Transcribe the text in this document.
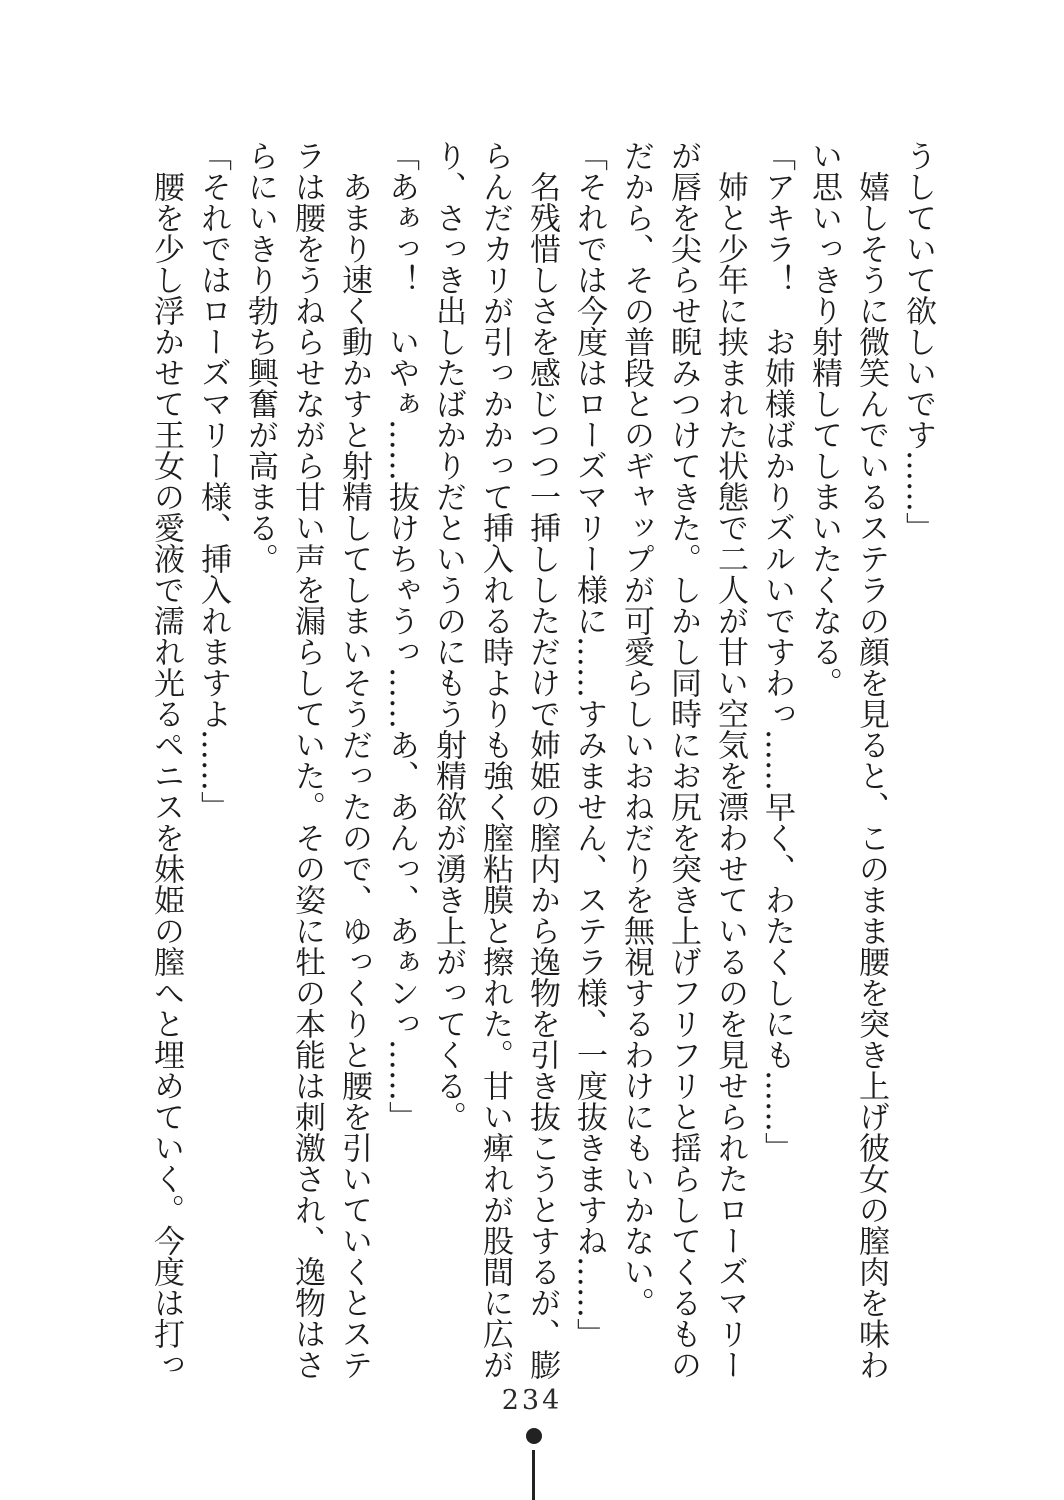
うしていて欲しいです……」

嬉しそうに微笑んでいるステラの顔を見ると、このまま腰を突き上げ彼女の膣肉を味わい思いっきり射精してしまいたくなる。

「アキラ！　お姉様ばかりズルいですわっ……早く、わたくしにも……」

姉と少年に挟まれた状態で二人が甘い空気を漂わせているのを見せられたローズマリーが唇を尖らせ睨みつけてきた。しかし同時にお尻を突き上げフリフリと揺らしてくるものだから、その普段とのギャップが可愛らしいおねだりを無視するわけにもいかない。

「それでは今度はローズマリー様に……すみません、ステラ様、一度抜きますね……」

名残惜しさを感じつつ一挿ししただけで姉姫の膣内から逸物を引き抜こうとするが、膨らんだカリが引っかかって挿入れる時よりも強く膣粘膜と擦れた。甘い痺れが股間に広がり、さっき出したばかりだというのにもう射精欲が湧き上がってくる。

「あぁっ！　いやぁ……抜けちゃうっ……あ、あんっ、あぁンっ……」

あまり速く動かすと射精してしまいそうだったので、ゆっくりと腰を引いていくとステラは腰をうねらせながら甘い声を漏らしていた。その姿に牡の本能は刺激され、逸物はさらにいきり勃ち興奮が高まる。

「それではローズマリー様、挿入れますよ……」

腰を少し浮かせて王女の愛液で濡れ光るペニスを妹姫の膣へと埋めていく。今度は打っ

234
